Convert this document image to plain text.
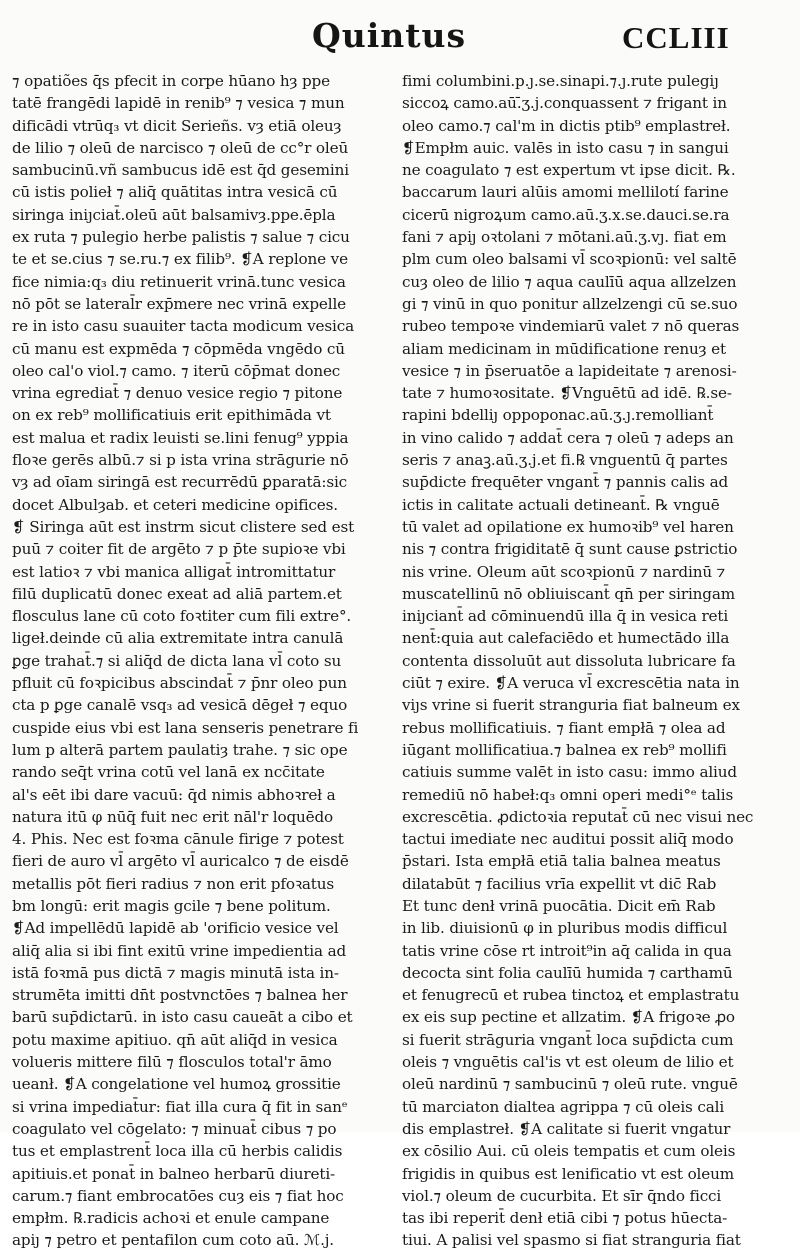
Quintus	CCLIII
⁊ opatiões q̄s pfecit in corpe hūano hȝ ppe
tatē frangēdi lapidē in renib⁹ ⁊ vesica ⁊ mun
dificādi vtrūq₃ vt dicit Serieñs. vȝ etiā oleuȝ
de lilio ⁊ oleū de narcisco ⁊ oleū de cc°r oleū
sambucinū.vñ sambucus idē est q̄d gesemini
cū istis polieł ⁊ aliq̄ quātitas intra vesicā cū
siringa iniȷciat̄.oleū aūt balsamivȝ.ppe.ēpla
ex ruta ⁊ pulegio herbe palistis ⁊ salue ⁊ cicu
te et se.cius ⁊ se.ru.⁊ ex filib⁹. ❡A replone ve
fice nimia:q₃ diu retinuerit vrinā.tunc vesica
nō pōt se lateral̄r exp̄mere nec vrinā expelle
re in isto casu suauiter tacta modicum vesica
cū manu est expmēda ⁊ cōpmēda vngēdo cū
oleo cal'o viol.⁊ camo. ⁊ iterū cōp̄mat donec
vrina egrediat̄ ⁊ denuo vesice regio ⁊ pitone
on ex reb⁹ mollificatiuis erit epithimāda vt
est malua et radix leuisti se.lini fenug⁹ yppia
floꝛe gerēs albū.⁊ si p ista vrina strāgurie nō
vȝ ad oīam siringā est recurrēdū ꝑparatā:sic
docet Albulȝab. et ceteri medicine opifices.
❡ Siringa aūt est instrm sicut clistere sed est
puū ⁊ coiter fit de argēto ⁊ p p̄te supioꝛe vbi
est latioꝛ ⁊ vbi manica alligat̄ intromittatur
filū duplicatū donec exeat ad aliā partem.et
flosculus lane cū coto foꝛtiter cum fili extre°.
ligeł.deinde cū alia extremitate intra canulā
ꝑge trahat̄.⁊ si aliq̄d de dicta lana vl̄ coto su
pfluit cū foꝛpicibus abscindat̄ ⁊ p̄nr oleo pun
cta p ꝑge canalē vsq₃ ad vesicā dēgeł ⁊ equo
cuspide eius vbi est lana senseris penetrare fi
lum p alterā partem paulatiȝ trahe. ⁊ sic ope
rando seq̄t vrina cotū vel lanā ex ncc̄itate
al's eēt ibi dare vacuū: q̄d nimis abhoꝛreł a
natura itū φ nūq̄ fuit nec erit nāl'r loquēdo
4. Phis. Nec est foꝛma cānule firige ⁊ potest
fieri de auro vl̄ argēto vl̄ auricalco ⁊ de eisdē
metallis pōt fieri radius ⁊ non erit pfoꝛatus
bm longū: erit magis gcile ⁊ bene politum.
❡Ad impellēdū lapidē ab 'orificio vesice vel
aliq̄ alia si ibi fint exitū vrine impedientia ad
istā foꝛmā pus dictā ⁊ magis minutā ista in-
strumēta imitti dn̄t postvnctōes ⁊ balnea her
barū sup̄dictarū. in isto casu caueāt a cibo et
potu maxime apitiuo. qn̄ aūt aliq̄d in vesica
volueris mittere filū ⁊ flosculos total'r āmo
ueanł. ❡A congelatione vel humoꝝ grossitie
si vrina impediat̄ur: fiat illa cura q̄ fit in sanᵉ
coagulato vel cōgelato: ⁊ minuat̄ cibus ⁊ po
tus et emplastrent̄ loca illa cū herbis calidis
apitiuis.et ponat̄ in balneo herbarū diureti-
carum.⁊ fiant embrocatōes cuȝ eis ⁊ fiat hoc
empłm. ℞.radicis achoꝛi et enule campane
apiȷ ⁊ petro et pentafilon cum coto aū. ℳ.j.
fimi columbini.p.ȷ.se.sinapi.⁊.ȷ.rute pulegiȷ
siccoꝝ camo.aū.̄ʒ.j.conquassent ⁊ frigant in
oleo camo.⁊ cal'm in dictis ptib⁹ emplastreł.
❡Empłm auic. valēs in isto casu ⁊ in sangui
ne coagulato ⁊ est expertum vt ipse dicit. ℞.
baccarum lauri alūis amomi mellilotí farine
cicerū nigroꝝum camo.aū.ʒ.x.se.dauci.se.ra
fani ⁊ apiȷ oꝛtolani ⁊ mōtani.aū.ʒ.vȷ. fiat em
plm cum oleo balsami vl̄ scoꝛpionū: vel saltē
cuȝ oleo de lilio ⁊ aqua caulīū aqua allzelzen
gi ⁊ vinū in quo ponitur allzelzengi cū se.suo
rubeo tempoꝛe vindemiarū valet ⁊ nō queras
aliam medicinam in mūdificatione renuȝ et
vesice ⁊ in p̄seruatōe a lapideitate ⁊ arenosi-
tate ⁊ humoꝛositate. ❡Vnguētū ad idē. ℞.se-
rapini bdelliȷ oppoponac.aū.ʒ.ȷ.remolliant̄
in vino calido ⁊ addat̄ cera ⁊ oleū ⁊ adeps an
seris ⁊ anaꝫ.aū.ʒ.j.et fi.℞ vnguentū q̄ partes
sup̄dicte frequēter vngant̄ ⁊ pannis calis ad
ictis in calitate actuali detineant̄. ℞ vnguē
tū valet ad opilatione ex humoꝛib⁹ vel haren
nis ⁊ contra frigiditatē q̄ sunt cause ꝑstrictio
nis vrine. Oleum aūt scoꝛpionū ⁊ nardinū ⁊
muscatellinū nō obliuiscant̄ qn̄ per siringam
iniȷciant̄ ad cōminuendū illa q̄ in vesica reti
nent̄:quia aut calefaciēdo et humectādo illa
contenta dissoluūt aut dissoluta lubricare fa
ciūt ⁊ exire. ❡A veruca vl̄ excrescētia nata in
viȷs vrine si fuerit stranguria fiat balneum ex
rebus mollificatiuis. ⁊ fiant empłā ⁊ olea ad
iūgant mollificatiua.⁊ balnea ex reb⁹ mollifi
catiuis summe valēt in isto casu: immo aliud
remediū nō habeł:q₃ omni operi medi°ᵉ talis
excrescētia. ꝓdictoꝛia reputat̄ cū nec visui nec
tactui imediate nec auditui possit aliq̄ modo
p̄stari. Ista empłā etiā talia balnea meatus
dilatabūt ⁊ facilius vrīa expellit vt dic̄ Rab
Et tunc denł vrinā puocātia. Dicit em̄ Rab
in lib. diuisionū φ in pluribus modis difficul
tatis vrine cōse rt introit⁹in aq̄ calida in qua
decocta sint folia caulīū humida ⁊ carthamū
et fenugrecū et rubea tinctoꝝ et emplastratu
ex eis sup pectine et allzatim. ❡A frigoꝛe ꝓo
si fuerit strāguria vngant̄ loca sup̄dicta cum
oleis ⁊ vnguētis cal'is vt est oleum de lilio et
oleū nardinū ⁊ sambucinū ⁊ oleū rute. vnguē
tū marciaton dialtea agrippa ⁊ cū oleis cali
dis emplastreł. ❡A calitate si fuerit vngatur
ex cōsilio Aui. cū oleis tempatis et cum oleis
frigidis in quibus est lenificatio vt est oleum
viol.⁊ oleum de cucurbita. Et sīr q̄ndo ficci
tas ibi reperit̄ denł etiā cibi ⁊ potus hūecta-
tiui. A palisi vel spasmo si fiat stranguria fiat
